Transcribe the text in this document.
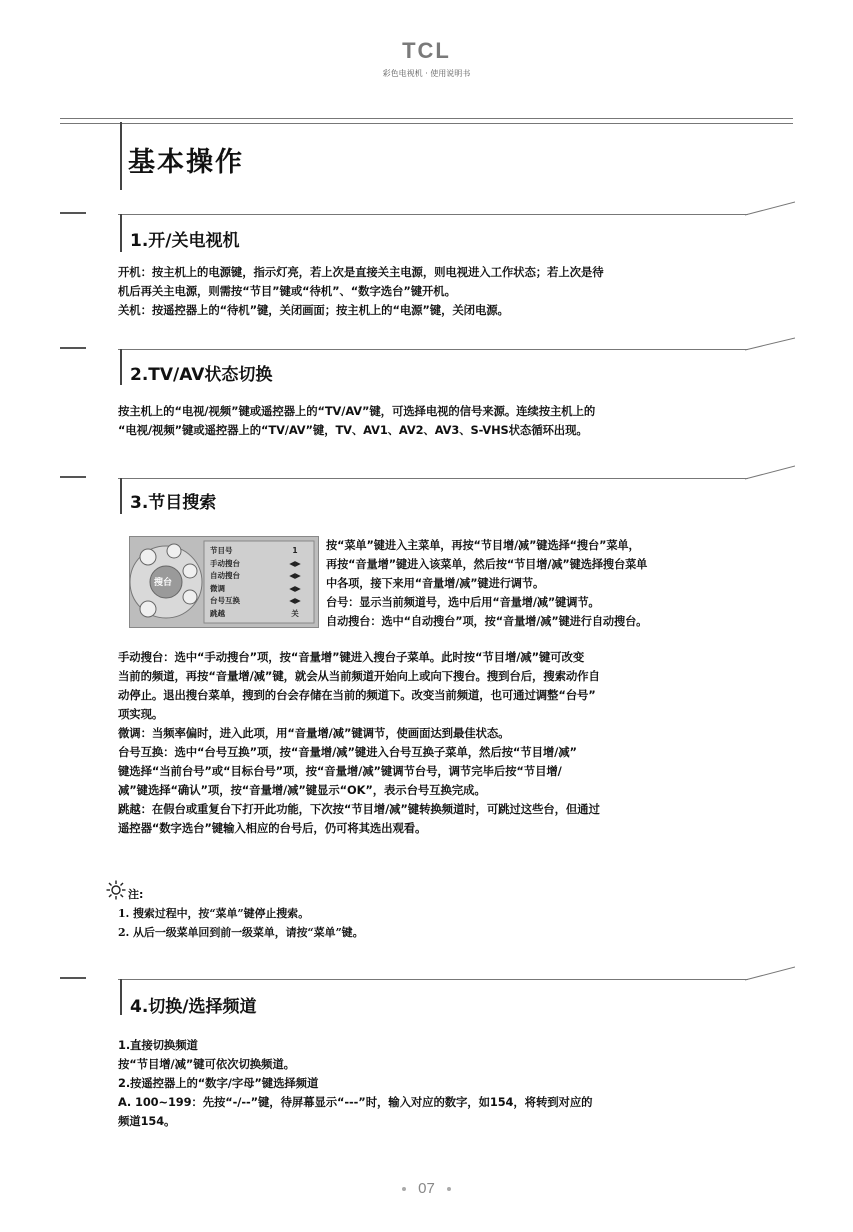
TCL
彩色电视机 · 使用说明书
基本操作
1.开/关电视机

开机：按主机上的电源键，指示灯亮，若上次是直接关主电源，则电视进入工作状态；若上次是待

机后再关主电源，则需按“节目”键或“待机”、“数字选台”键开机。

关机：按遥控器上的“待机”键，关闭画面；按主机上的“电源”键，关闭电源。

2.TV/AV状态切换

按主机上的“电视/视频”键或遥控器上的“TV/AV”键，可选择电视的信号来源。连续按主机上的

“电视/视频”键或遥控器上的“TV/AV”键，TV、AV1、AV2、AV3、S-VHS状态循环出现。

3.节目搜索
搜台
节目号
手动搜台
自动搜台
微调
台号互换
跳越
1
◀▶
◀▶
◀▶
◀▶
关

按“菜单”键进入主菜单，再按“节目增/减”键选择“搜台”菜单，

再按“音量增”键进入该菜单，然后按“节目增/减”键选择搜台菜单

中各项，接下来用“音量增/减”键进行调节。

台号：显示当前频道号，选中后用“音量增/减”键调节。

自动搜台：选中“自动搜台”项，按“音量增/减”键进行自动搜台。

手动搜台：选中“手动搜台”项，按“音量增”键进入搜台子菜单。此时按“节目增/减”键可改变

当前的频道，再按“音量增/减”键，就会从当前频道开始向上或向下搜台。搜到台后，搜索动作自

动停止。退出搜台菜单，搜到的台会存储在当前的频道下。改变当前频道，也可通过调整“台号”

项实现。

微调：当频率偏时，进入此项，用“音量增/减”键调节，使画面达到最佳状态。

台号互换：选中“台号互换”项，按“音量增/减”键进入台号互换子菜单，然后按“节目增/减”

键选择“当前台号”或“目标台号”项，按“音量增/减”键调节台号，调节完毕后按“节目增/

减”键选择“确认”项，按“音量增/减”键显示“OK”，表示台号互换完成。

跳越：在假台或重复台下打开此功能，下次按“节目增/减”键转换频道时，可跳过这些台，但通过

遥控器“数字选台”键输入相应的台号后，仍可将其选出观看。

注:

1. 搜索过程中，按“菜单”键停止搜索。

2. 从后一级菜单回到前一级菜单，请按“菜单”键。

4.切换/选择频道

1.直接切换频道

按“节目增/减”键可依次切换频道。

2.按遥控器上的“数字/字母”键选择频道

A. 100~199：先按“-/--”键，待屏幕显示“---”时，输入对应的数字，如154，将转到对应的

频道154。

07
